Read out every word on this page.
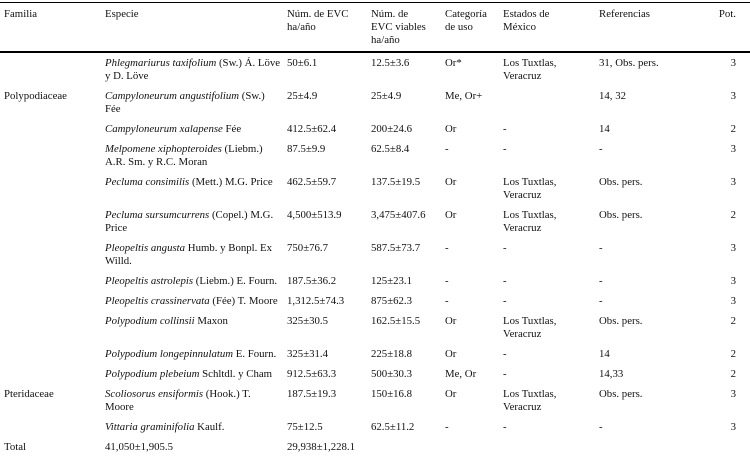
Familia	Especie	Núm. de EVC ha/año	Núm. de EVC viables ha/año	Categoría de uso	Estados de México	Referencias	Pot.
	Phlegmariurus taxifolium (Sw.) Á. Löve y D. Löve	50±6.1	12.5±3.6	Or*	Los Tuxtlas, Veracruz	31, Obs. pers.	3
Polypodiaceae	Campyloneurum angustifolium (Sw.) Fée	25±4.9	25±4.9	Me, Or+		14, 32	3
	Campyloneurum xalapense Fée	412.5±62.4	200±24.6	Or	-	14	2
	Melpomene xiphopteroides (Liebm.) A.R. Sm. y R.C. Moran	87.5±9.9	62.5±8.4	-	-	-	3
	Pecluma consimilis (Mett.) M.G. Price	462.5±59.7	137.5±19.5	Or	Los Tuxtlas, Veracruz	Obs. pers.	3
	Pecluma sursumcurrens (Copel.) M.G. Price	4,500±513.9	3,475±407.6	Or	Los Tuxtlas, Veracruz	Obs. pers.	2
	Pleopeltis angusta Humb. y Bonpl. Ex Willd.	750±76.7	587.5±73.7	-	-	-	3
	Pleopeltis astrolepis (Liebm.) E. Fourn.	187.5±36.2	125±23.1	-	-	-	3
	Pleopeltis crassinervata (Fée) T. Moore	1,312.5±74.3	875±62.3	-	-	-	3
	Polypodium collinsii Maxon	325±30.5	162.5±15.5	Or	Los Tuxtlas, Veracruz	Obs. pers.	2
	Polypodium longepinnulatum E. Fourn.	325±31.4	225±18.8	Or	-	14	2
	Polypodium plebeium Schltdl. y Cham	912.5±63.3	500±30.3	Me, Or	-	14,33	2
Pteridaceae	Scoliosorus ensiformis (Hook.) T. Moore	187.5±19.3	150±16.8	Or	Los Tuxtlas, Veracruz	Obs. pers.	3
	Vittaria graminifolia Kaulf.	75±12.5	62.5±11.2	-	-	-	3
Total	41,050±1,905.5	29,938±1,228.1					
